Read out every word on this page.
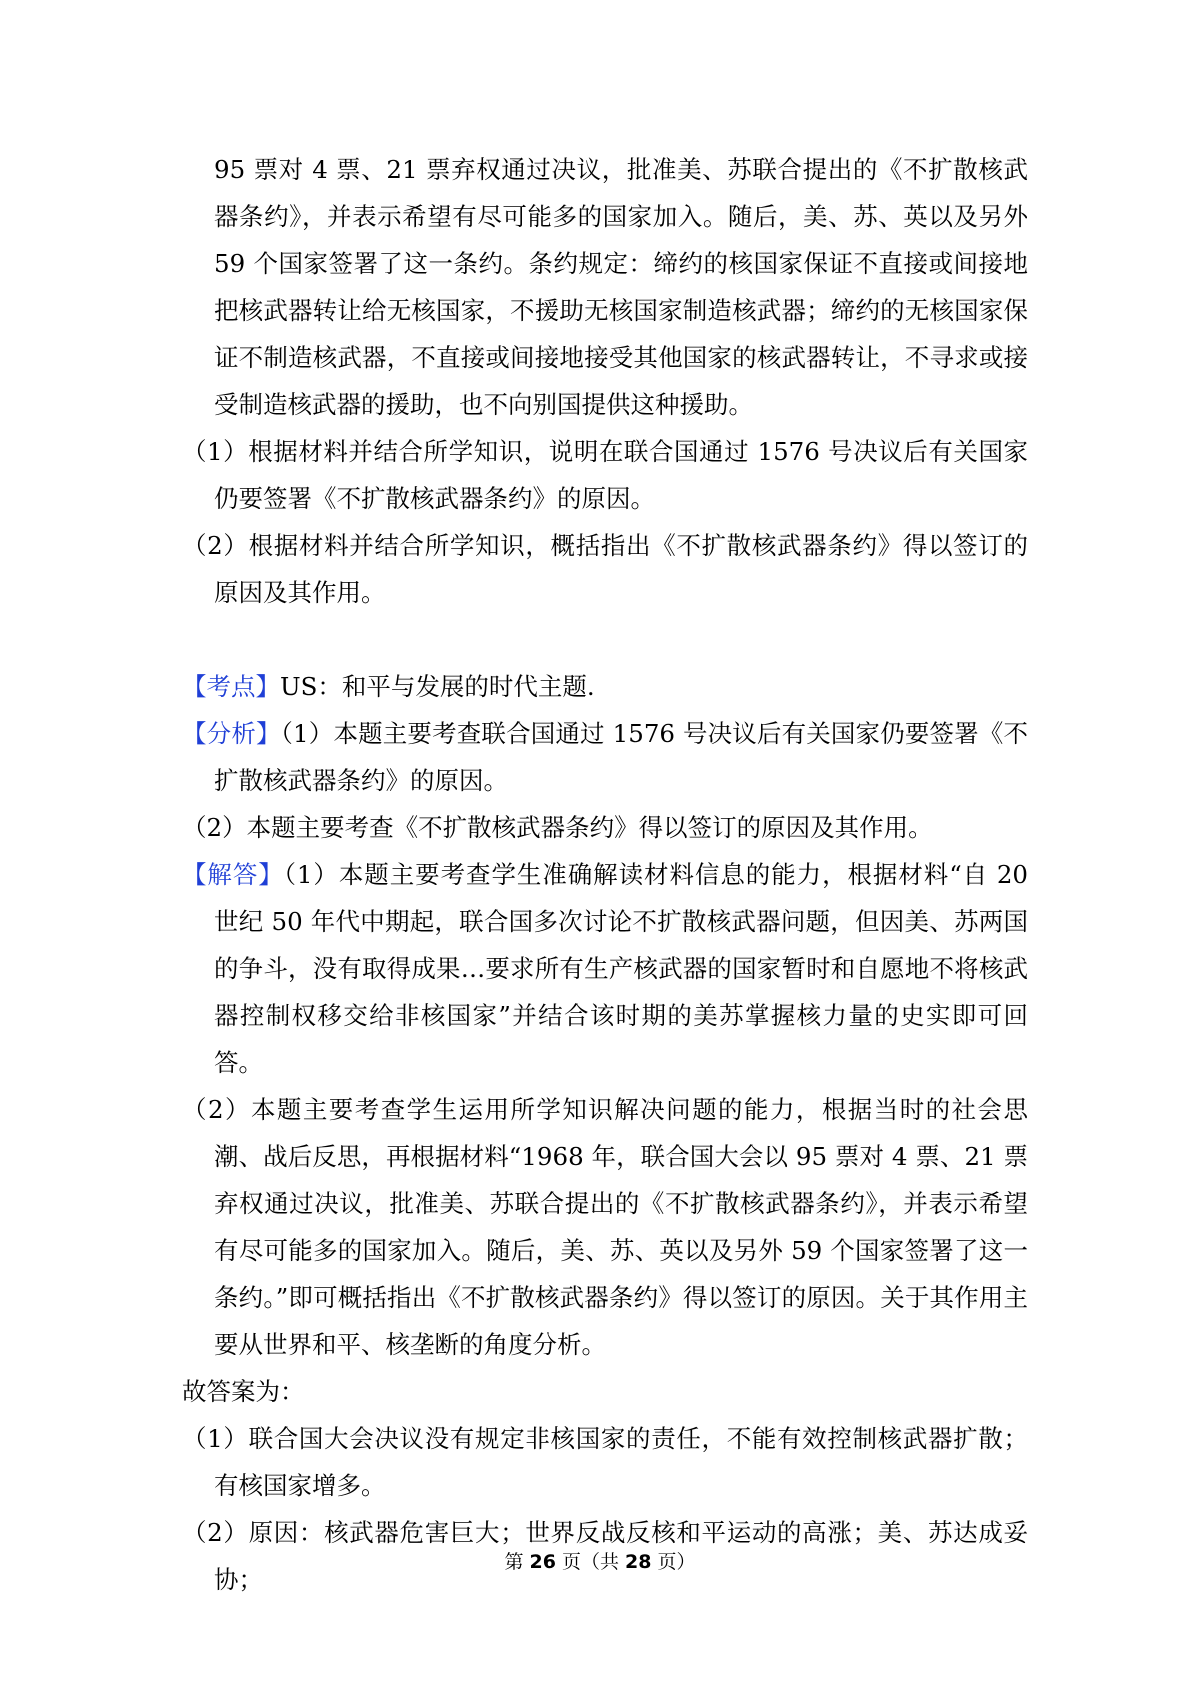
95 票对 4 票、21 票弃权通过决议，批准美、苏联合提出的《不扩散核武器条约》，并表示希望有尽可能多的国家加入。随后，美、苏、英以及另外 59 个国家签署了这一条约。条约规定：缔约的核国家保证不直接或间接地把核武器转让给无核国家，不援助无核国家制造核武器；缔约的无核国家保证不制造核武器，不直接或间接地接受其他国家的核武器转让，不寻求或接受制造核武器的援助，也不向别国提供这种援助。

（1）根据材料并结合所学知识，说明在联合国通过 1576 号决议后有关国家仍要签署《不扩散核武器条约》的原因。

（2）根据材料并结合所学知识，概括指出《不扩散核武器条约》得以签订的原因及其作用。

【考点】US：和平与发展的时代主题.

【分析】（1）本题主要考查联合国通过 1576 号决议后有关国家仍要签署《不扩散核武器条约》的原因。

（2）本题主要考查《不扩散核武器条约》得以签订的原因及其作用。

【解答】（1）本题主要考查学生准确解读材料信息的能力，根据材料“自 20 世纪 50 年代中期起，联合国多次讨论不扩散核武器问题，但因美、苏两国的争斗，没有取得成果…要求所有生产核武器的国家暂时和自愿地不将核武器控制权移交给非核国家”并结合该时期的美苏掌握核力量的史实即可回答。

（2）本题主要考查学生运用所学知识解决问题的能力，根据当时的社会思潮、战后反思，再根据材料“1968 年，联合国大会以 95 票对 4 票、21 票弃权通过决议，批准美、苏联合提出的《不扩散核武器条约》，并表示希望有尽可能多的国家加入。随后，美、苏、英以及另外 59 个国家签署了这一条约。”即可概括指出《不扩散核武器条约》得以签订的原因。关于其作用主要从世界和平、核垄断的角度分析。

故答案为：

（1）联合国大会决议没有规定非核国家的责任，不能有效控制核武器扩散；有核国家增多。

（2）原因：核武器危害巨大；世界反战反核和平运动的高涨；美、苏达成妥协；

第 26 页（共 28 页）
